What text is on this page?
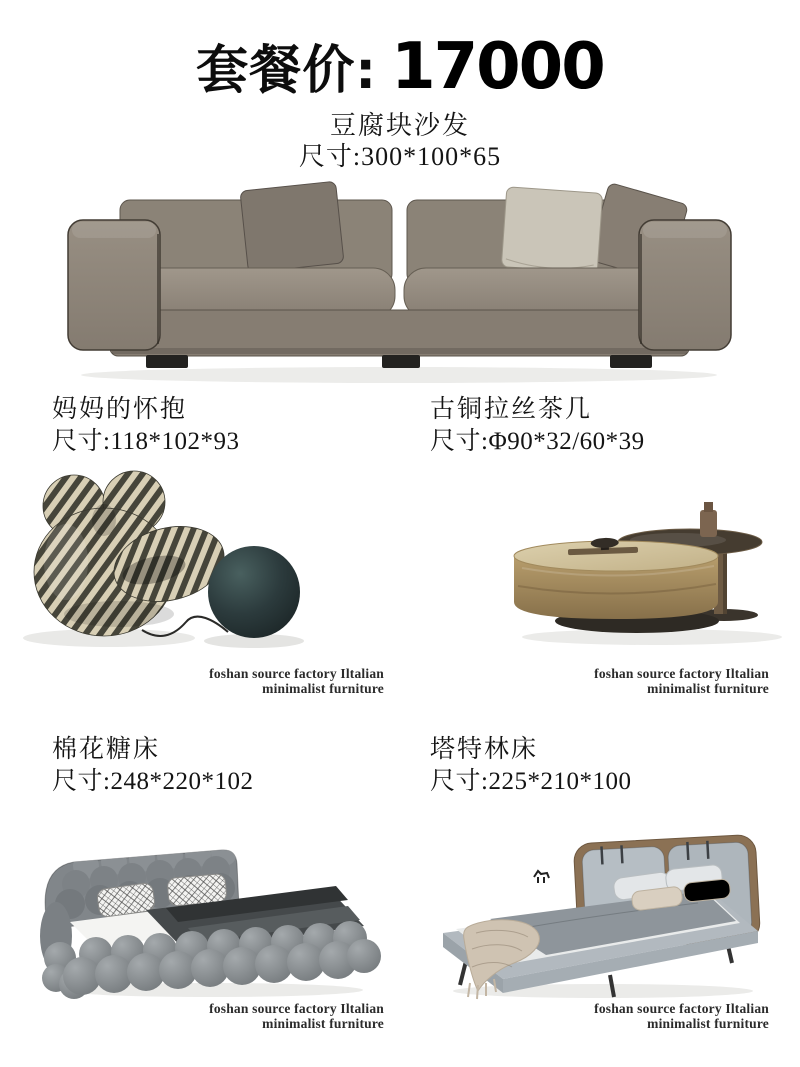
套餐价: 17000
豆腐块沙发
尺寸:300*100*65
妈妈的怀抱
尺寸:118*102*93
古铜拉丝茶几
尺寸:Φ90*32/60*39
foshan source factory Iltalian
minimalist furniture
foshan source factory Iltalian
minimalist furniture
棉花糖床
尺寸:248*220*102
塔特林床
尺寸:225*210*100
foshan source factory Iltalian
minimalist furniture
foshan source factory Iltalian
minimalist furniture
